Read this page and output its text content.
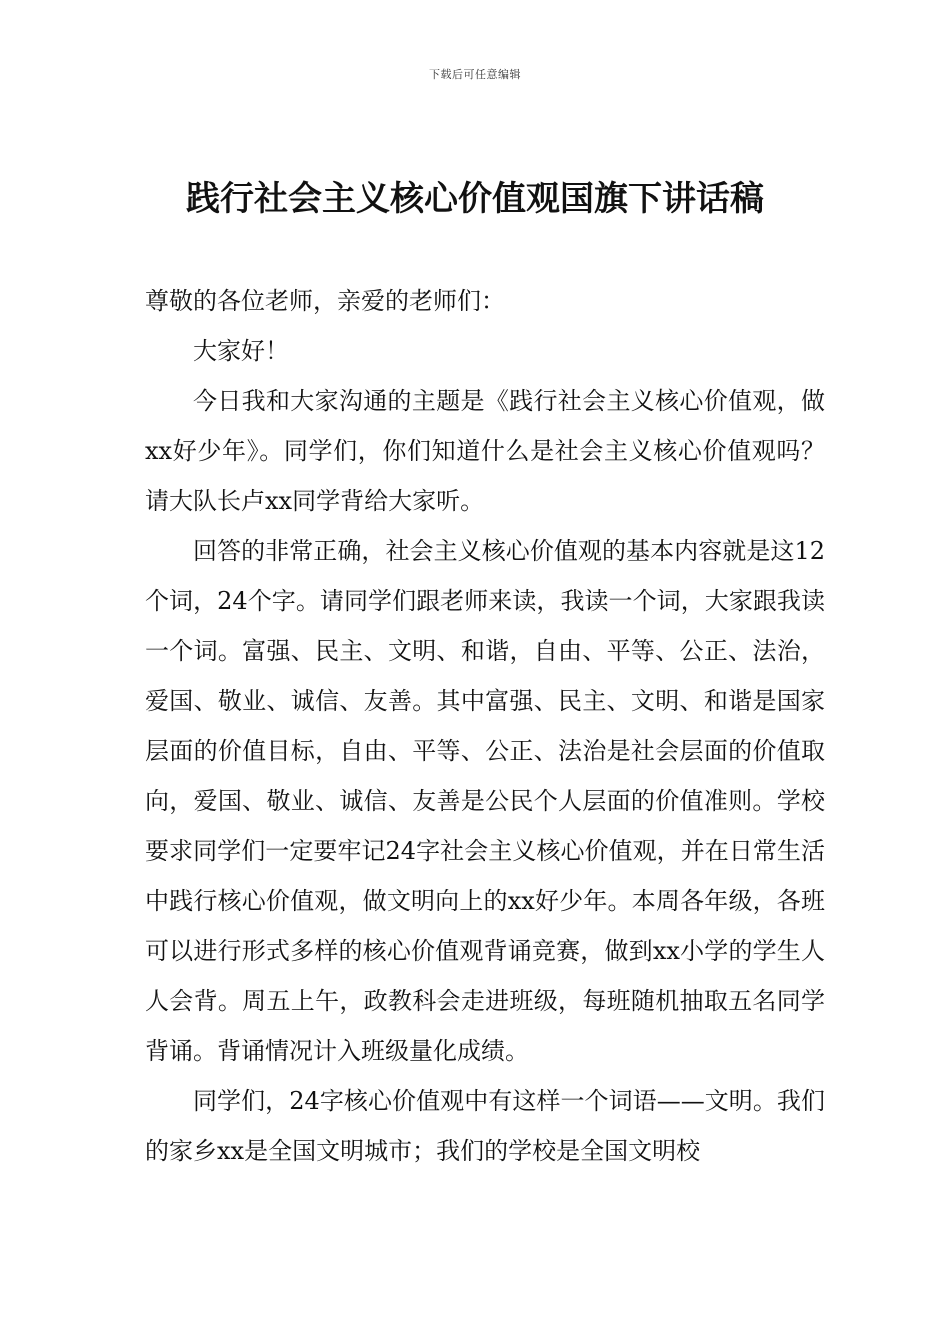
下载后可任意编辑
践行社会主义核心价值观国旗下讲话稿

尊敬的各位老师，亲爱的老师们：

大家好！

今日我和大家沟通的主题是《践行社会主义核心价值观，做xx好少年》。同学们，你们知道什么是社会主义核心价值观吗？请大队长卢xx同学背给大家听。

回答的非常正确，社会主义核心价值观的基本内容就是这12个词，24个字。请同学们跟老师来读，我读一个词，大家跟我读一个词。富强、民主、文明、和谐，自由、平等、公正、法治，爱国、敬业、诚信、友善。其中富强、民主、文明、和谐是国家层面的价值目标，自由、平等、公正、法治是社会层面的价值取向，爱国、敬业、诚信、友善是公民个人层面的价值准则。学校要求同学们一定要牢记24字社会主义核心价值观，并在日常生活中践行核心价值观，做文明向上的xx好少年。本周各年级，各班可以进行形式多样的核心价值观背诵竞赛，做到xx小学的学生人人会背。周五上午，政教科会走进班级，每班随机抽取五名同学背诵。背诵情况计入班级量化成绩。

同学们，24字核心价值观中有这样一个词语——文明。我们的家乡xx是全国文明城市；我们的学校是全国文明校
